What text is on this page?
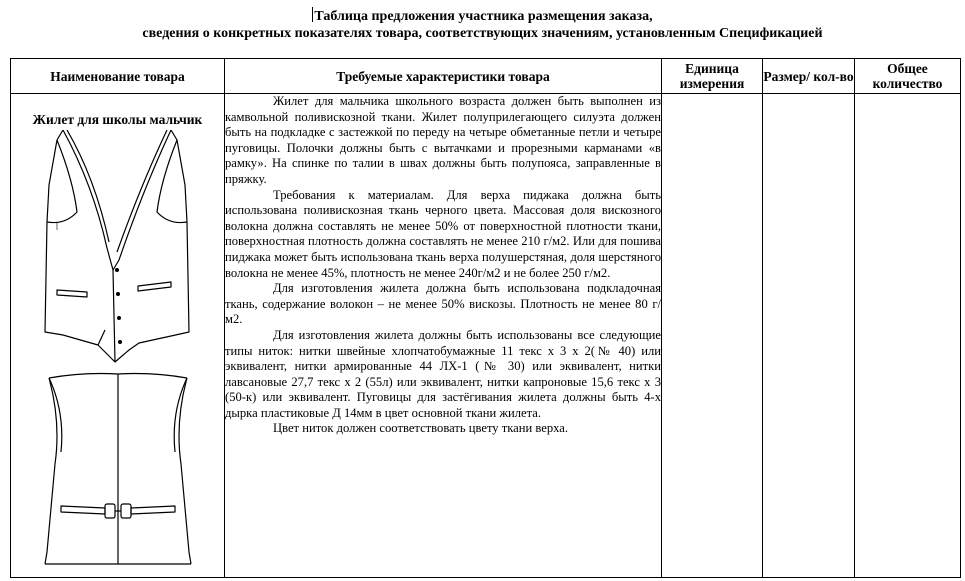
Таблица предложения участника размещения заказа,
сведения о конкретных показателях товара, соответствующих значениям, установленным Спецификацией
Наименование товара	Требуемые характеристики товара	Единица измерения	Размер/ кол-во	Общее количество

Жилет для школы мальчик	Жилет для мальчика школьного возраста должен быть выполнен из камвольной поливискозной ткани. Жилет полуприлегающего силуэта должен быть на подкладке с застежкой по переду на четыре обметанные петли и четыре пуговицы. Полочки должны быть с вытачками и прорезными карманами «в рамку». На спинке по талии в швах должны быть полупояса, заправленные в пряжку.

Требования к материалам. Для верха пиджака должна быть использована поливискозная ткань черного цвета. Массовая доля вискозного волокна должна составлять не менее 50% от поверхностной плотности ткани, поверхностная плотность должна составлять не менее 210 г/м2. Или для пошива пиджака может быть использована ткань верха полушерстяная, доля шерстяного волокна не менее 45%, плотность не менее 240г/м2 и не более 250 г/м2.

Для изготовления жилета должна быть использована подкладочная ткань, содержание волокон – не менее 50% вискозы. Плотность не менее 80 г/м2.

Для изготовления жилета должны быть использованы все следующие типы ниток: нитки швейные хлопчатобумажные 11 текс х 3 х 2(№ 40) или эквивалент, нитки армированные 44 ЛХ-1 (№ 30) или эквивалент, нитки лавсановые 27,7 текс х 2 (55л) или эквивалент, нитки капроновые 15,6 текс х 3 (50-к) или эквивалент. Пуговицы для застёгивания жилета должны быть 4-х дырка пластиковые Д 14мм в цвет основной ткани жилета.

Цвет ниток должен соответствовать цвету ткани верха.			
